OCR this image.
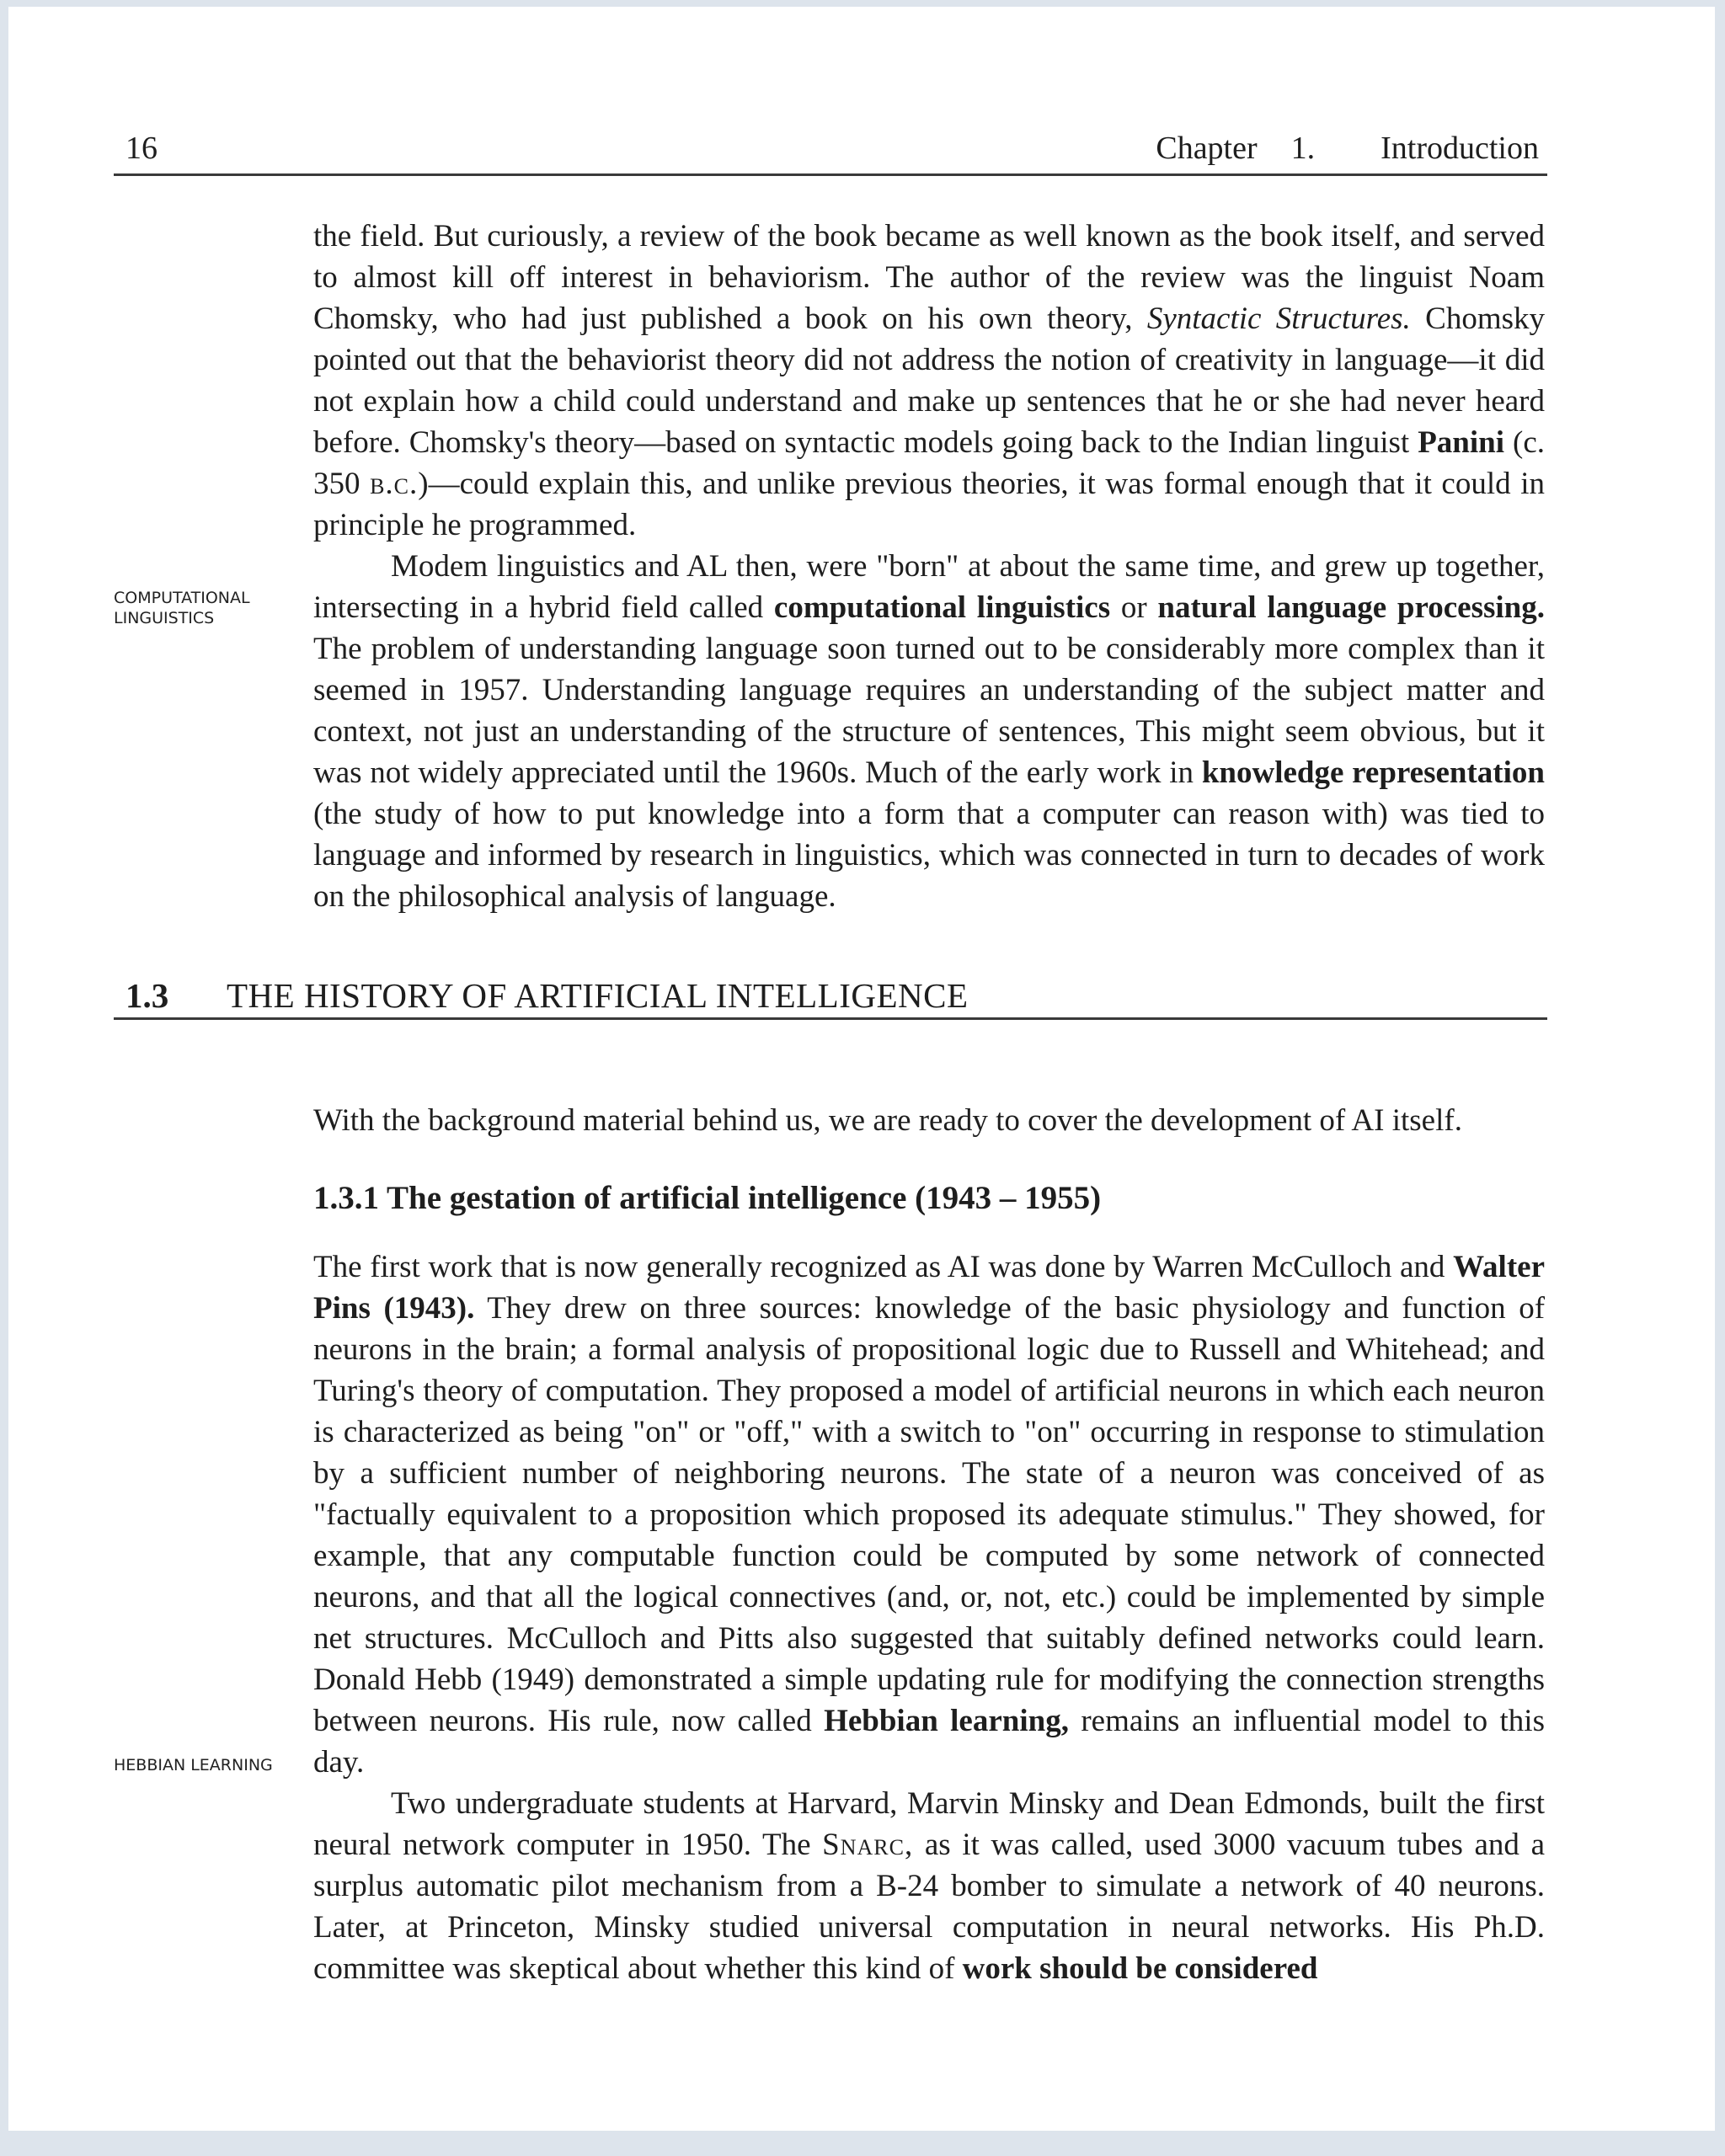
16	Chapter 1. Introduction

the field. But curiously, a review of the book became as well known as the book itself, and served to almost kill off interest in behaviorism. The author of the review was the linguist Noam Chomsky, who had just published a book on his own theory, Syntactic Structures. Chomsky pointed out that the behaviorist theory did not address the notion of creativity in language—it did not explain how a child could understand and make up sentences that he or she had never heard before. Chomsky's theory—based on syntactic models going back to the Indian linguist Panini (c. 350 b.c.)—could explain this, and unlike previous theories, it was formal enough that it could in principle he programmed.

Modem linguistics and AL then, were "born" at about the same time, and grew up together, intersecting in a hybrid field called computational linguistics or natural language processing. The problem of understanding language soon turned out to be considerably more complex than it seemed in 1957. Understanding language requires an understanding of the subject matter and context, not just an understanding of the structure of sentences, This might seem obvious, but it was not widely appreciated until the 1960s. Much of the early work in knowledge representation (the study of how to put knowledge into a form that a computer can reason with) was tied to language and informed by research in linguistics, which was connected in turn to decades of work on the philosophical analysis of language.

COMPUTATIONAL LINGUISTICS
1.3 THE HISTORY OF ARTIFICIAL INTELLIGENCE
With the background material behind us, we are ready to cover the development of AI itself.
1.3.1 The gestation of artificial intelligence (1943 – 1955)

The first work that is now generally recognized as AI was done by Warren McCulloch and Walter Pins (1943). They drew on three sources: knowledge of the basic physiology and function of neurons in the brain; a formal analysis of propositional logic due to Russell and Whitehead; and Turing's theory of computation. They proposed a model of artificial neurons in which each neuron is characterized as being "on" or "off," with a switch to "on" occurring in response to stimulation by a sufficient number of neighboring neurons. The state of a neuron was conceived of as "factually equivalent to a proposition which proposed its adequate stimulus." They showed, for example, that any computable function could be computed by some network of connected neurons, and that all the logical connectives (and, or, not, etc.) could be implemented by simple net structures. McCulloch and Pitts also suggested that suitably defined networks could learn. Donald Hebb (1949) demonstrated a simple updating rule for modifying the connection strengths between neurons. His rule, now called Hebbian learning, remains an influential model to this day.

Two undergraduate students at Harvard, Marvin Minsky and Dean Edmonds, built the first neural network computer in 1950. The Snarc, as it was called, used 3000 vacuum tubes and a surplus automatic pilot mechanism from a B-24 bomber to simulate a network of 40 neurons. Later, at Princeton, Minsky studied universal computation in neural networks. His Ph.D. committee was skeptical about whether this kind of work should be considered

HEBBIAN LEARNING
